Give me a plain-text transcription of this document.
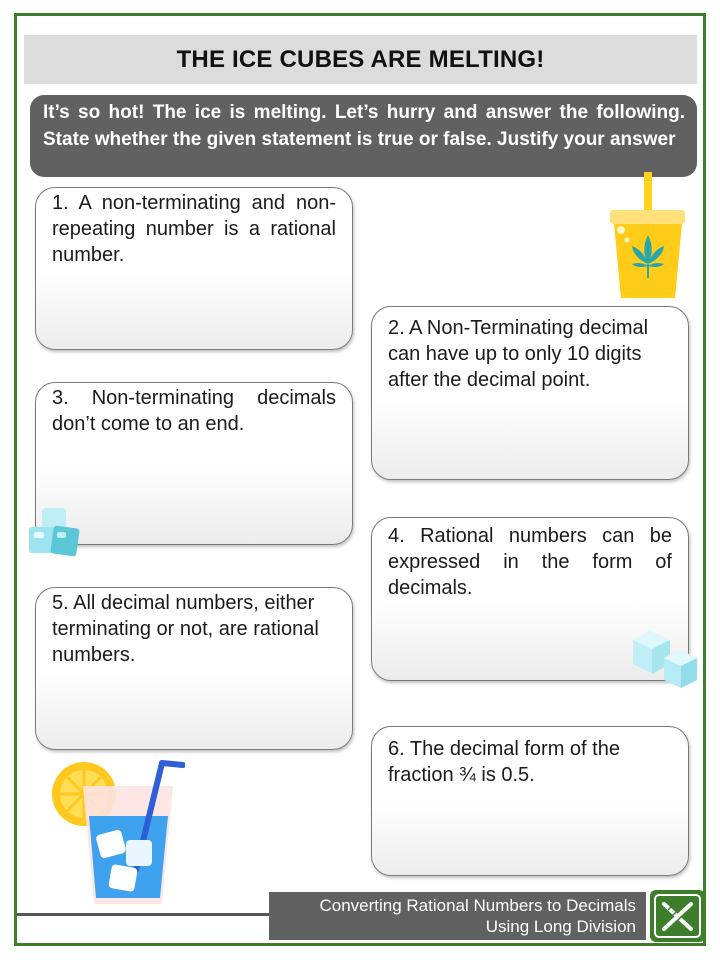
THE ICE CUBES ARE MELTING!
It’s so hot! The ice is melting. Let’s hurry and answer the following. State whether the given statement is true or false. Justify your answer
1. A non-terminating and non-repeating number is a rational number.
3. Non-terminating decimals don’t come to an end.
5. All decimal numbers, either terminating or not, are rational numbers.
2. A Non-Terminating decimal can have up to only 10 digits after the decimal point.
4. Rational numbers can be expressed in the form of decimals.
6. The decimal form of the fraction ¾ is 0.5.
Converting Rational Numbers to Decimals
Using Long Division
